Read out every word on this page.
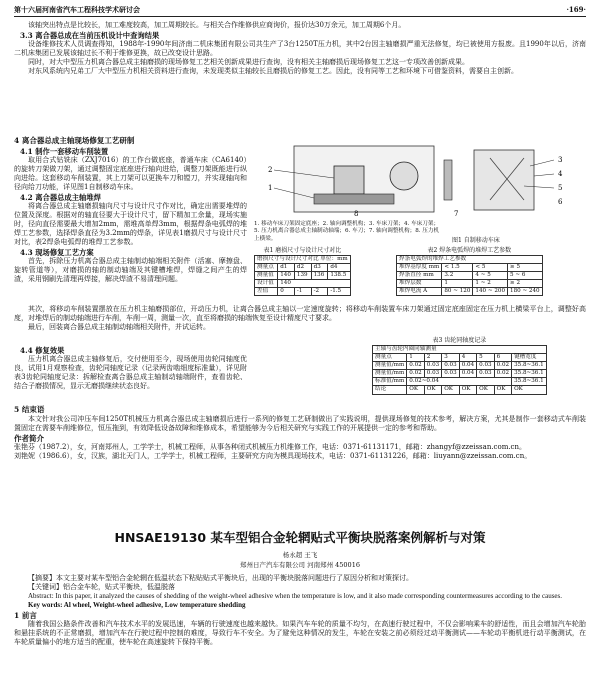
第十六届河南省汽车工程科技学术研讨会	·169·

该轴突出特点是比较长，加工难度较高，加工周期较长。与相关合作维修供应商询价，报价达30万余元，加工周期6个月。

3.3 离合器总成在当前压机设计中查询结果

设备维修技术人员调查得知，1988年-1990年间济南二机床集团有限公司共生产了3台1250T压力机，其中2台因主轴磨损严重无法修复，均已被使用方报废。且1990年以后，济南二机床集团已发展该轴过长不利于维修更换，故已改变设计思路。

同时，对大中型压力机离合器总成主轴磨损的现场修复工艺相关创新成果进行查询，没有相关主轴磨损后现场修复工艺这一专项改善创新成果。

对东风系统内兄弟工厂大中型压力机相关资料进行查询，未发现类似主轴较长且磨损后的修复工艺。因此，没有同等工艺和环境下可借鉴资料，需要自主创新。

4 离合器总成主轴现场修复工艺研制

4.1 制作一套移动车削装置

取用合式钻铣床（ZXJ7016）的工作台做底座，普通车床（CA6140）的旋转刀架做刀架，通过调整固定底座进行轴向进给，调整刀架既能进行纵向进给。这套移动车削装置，其上刀架可以更换车刀和镗刀，并实现轴向和径向给刀功能，详见图1自制移动车床。

4.2 离合器总成主轴堆焊

将离合器总成主轴磨损轴向尺寸与设计尺寸作对比，确定出需要堆焊的位置及深度。根据对的轴直径要大于设计尺寸，留下精加工余量，现场实施时，径向直径需要最大增加2mm，需堆高单焊3mm，根据焊条电弧焊的堆焊工艺参数，选择焊条直径为3.2mm的焊条，详见表1磨损尺寸与设计尺寸对比，表2焊条电弧焊的堆焊工艺参数。

4.3 现场修复工艺方案

首先，拆除压力机离合器总成主轴制动轴端相关附件（活塞、摩擦盘、旋转管道等），对磨损的轴的制动轴端及其键槽堆焊，焊缝之间产生的焊渣，采用钢刷先清理再焊接，解决焊渣不易清理问题。

2
1
3
4
5
6
7
8
1. 移动车床刀架固定底座；2. 轴向调整机构；3. 车床刀架；4. 车床刀架；5. 压力机离合器总成主轴制动轴端；6. 车刀；7. 轴向调整机构；8. 压力机上横梁。	图1 自制移动车床

表1 磨损尺寸与设计尺寸对比

磨损尺寸与设计尺寸对比 单位：mm				
测量点	d1	d2	d3	d4
测量值	140	139	136	138.5
设计值	140			
差值	0	-1	-2	-1.5

表2 焊条电弧焊的堆焊工艺参数

焊条电弧焊的堆焊工艺参数			
堆焊基厚度 mm	< 1.5	< 5	≥ 5
焊条直径 mm	3.2	4 ~ 5	5 ~ 6
堆焊层数	1	1 ~ 2	≥ 2
堆焊电流 A	80 ~ 120	140 ~ 200	180 ~ 240

其次，将移动车削装置摆放在压力机主轴磨损部位，开动压力机，让离合器总成主轴以一定速度旋转；将移动车削装置车床刀架通过固定底座固定在压力机上横梁平台上，调整好高度，对堆焊后的制动轴端进行车削，车削一周，测量一次，直至将磨损的轴端恢复至设计精度尺寸要求。

最后，回装离合器总成主轴制动轴端相关附件，并试运转。

4.4 修复效果

压力机离合器总成主轴修复后，交付使用至今，现场使用齿轮同轴度优良，试用1月观察检查，齿轮同轴度记录（记录两齿啮细度标准量），详见附表3齿轮同轴度记录：拆解检查离合器总成主轴制动轴端附件，查看齿轮、结合子磨损情况，显示无磨损继续状态良好。

表3 齿轮同轴度记录

主轴与齿轮内圈同轴测量							
测量点	1	2	3	4	5	6	键槽宽度
测量值/mm	0.02	0.03	0.03	0.04	0.03	0.02	35.8~36.1
测量值/mm	0.02	0.03	0.03	0.04	0.03	0.02	35.8~36.1
标准值/mm	0.02~0.04						35.8~36.1
结论	OK	OK	OK	OK	OK	OK	OK

5 结束语

本文针对我公司冲压车间1250T机械压力机离合器总成主轴磨损后进行一系列的修复工艺研制做出了实践说明，提供现场修复的技术参考，解决方案，尤其是制作一套移动式车削装置固定在需要车削维修位，恒压拖到，有效降低设备故障和维修成本，希望能够为今后相关研究与实践工作的开展提供一定的参考和帮助。

作者简介

张艳芬（1987.2），女，河南郑州人，工学学士，机械工程师，从事各种闭式机械压力机维修工作，电话：0371-61131171，邮箱：zhangyf@zzeissan.com.cn。

刘艳妮（1986.6），女，汉族，湖北天门人，工学学士，机械工程师，主要研究方向为模具现场技术，电话：0371-61131226，邮箱：liuyann@zzeissan.com.cn。

HNSAE19130 某车型铝合金轮辋贴式平衡块脱落案例解析与对策
杨永超 王飞
郑州日产汽车有限公司 河南郑州 450016

【摘要】本文主要对某车型铝合金轮辋在低温状态下粘贴贴式平衡块后，出现的平衡块脱落问题进行了原因分析和对策探讨。

【关键词】铝合金车轮，贴式平衡块，低温脱落

Abstract: In this paper, it analyzed the causes of shedding of the weight-wheel adhesive when the temperature is low, and it also made corresponding countermeasures according to the causes.

Key words: Al wheel, Weight-wheel adhesive, Low temperature shedding

1 前言

随着我国公路条件改善和汽车技术水平的发展迅速，车辆的行驶速度也越来越快。如果汽车车轮的质量不均匀，在高速行驶过程中，不仅会影响乘车的舒适性，而且会增加汽车轮胎和悬挂系统的不正常磨损，增加汽车在行驶过程中控制的难度，导致行车不安全。为了避免这种情况的发生，车轮在安装之前必须经过动平衡测试——车轮动平衡机进行动平衡测试，在车轮质量偏小的地方适当的配重，使车轮在高速旋转下保持平衡。
